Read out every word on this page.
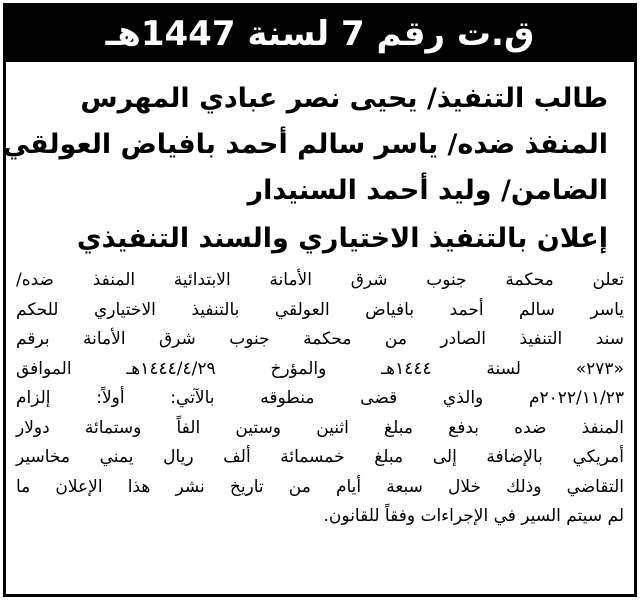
ق.ت رقم 7 لسنة 1447هـ
طالب التنفيذ/ يحيى نصر عبادي المهرس
المنفذ ضده/ ياسر سالم أحمد بافياض العولقي
الضامن/ وليد أحمد السنيدار
إعلان بالتنفيذ الاختياري والسند التنفيذي
تعلن محكمة جنوب شرق الأمانة الابتدائية المنفذ ضده/
ياسر سالم أحمد بافياض العولقي بالتنفيذ الاختياري للحكم
سند التنفيذ الصادر من محكمة جنوب شرق الأمانة برقم
«٢٧٣» لسنة ١٤٤٤هـ والمؤرخ ١٤٤٤/٤/٢٩هـ الموافق
٢٠٢٢/١١/٢٣م والذي قضى منطوقه بالآتي: أولاً: إلزام
المنفذ ضده بدفع مبلغ اثنين وستين الفاً وستمائة دولار
أمريكي بالإضافة إلى مبلغ خمسمائة ألف ريال يمني مخاسير
التقاضي وذلك خلال سبعة أيام من تاريخ نشر هذا الإعلان ما
لم سيتم السير في الإجراءات وفقاً للقانون.
